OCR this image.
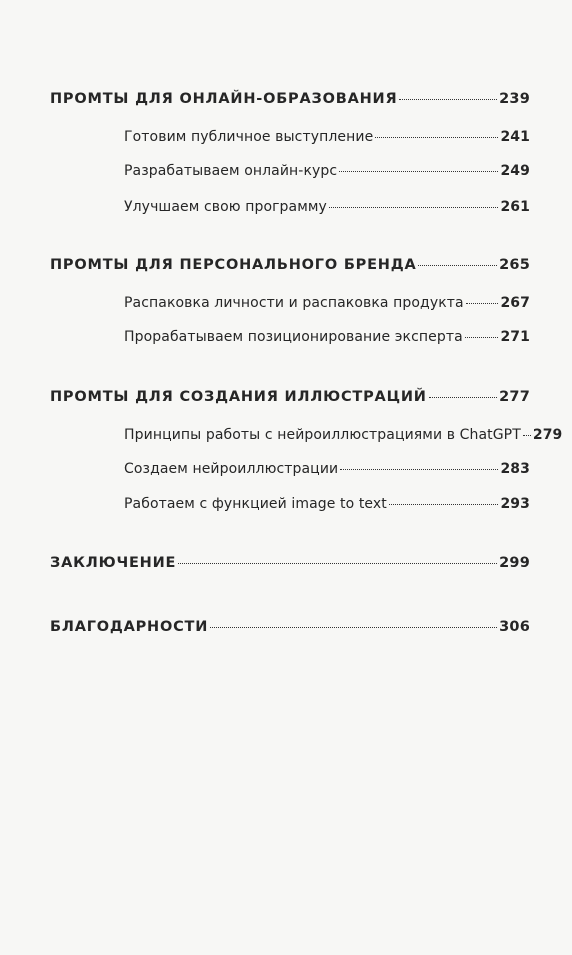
ПРОМТЫ ДЛЯ ОНЛАЙН-ОБРАЗОВАНИЯ	239
Готовим публичное выступление	241
Разрабатываем онлайн-курс	249
Улучшаем свою программу	261
ПРОМТЫ ДЛЯ ПЕРСОНАЛЬНОГО БРЕНДА	265
Распаковка личности и распаковка продукта	267
Прорабатываем позиционирование эксперта	271
ПРОМТЫ ДЛЯ СОЗДАНИЯ ИЛЛЮСТРАЦИЙ	277
Принципы работы с нейроиллюстрациями в ChatGPT 279
Создаем нейроиллюстрации	283
Работаем с функцией image to text	293
ЗАКЛЮЧЕНИЕ	299
БЛАГОДАРНОСТИ	306
